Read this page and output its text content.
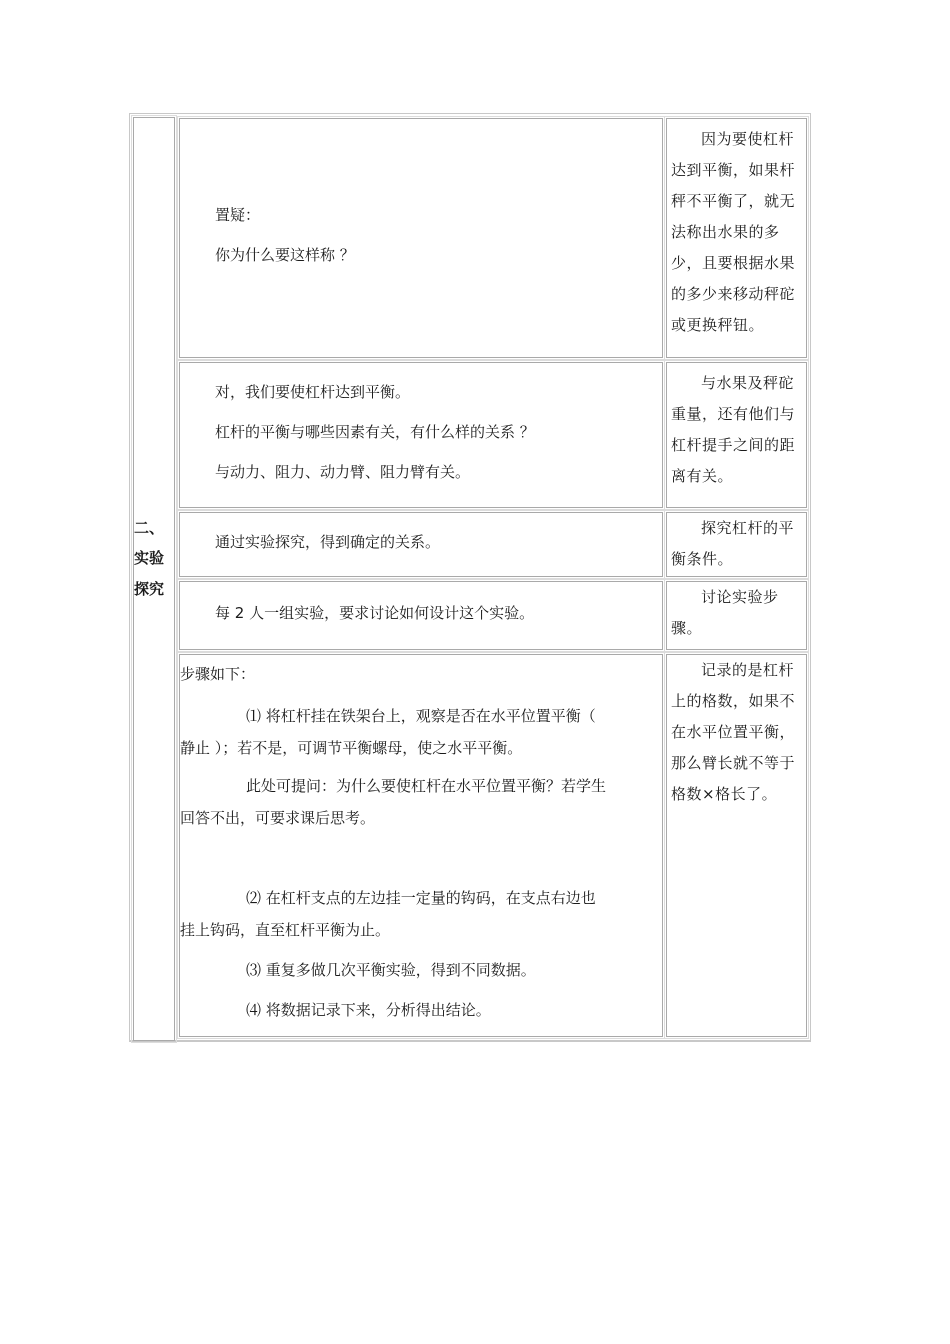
二、
实验
探究

置疑：

你为什么要这样称 ？

因为要使杠杆达到平衡，如果杆秤不平衡了，就无法称出水果的多少，且要根据水果的多少来移动秤砣或更换秤钮。

对，我们要使杠杆达到平衡。

杠杆的平衡与哪些因素有关，有什么样的关系 ？

与动力、阻力、动力臂、阻力臂有关。

与水果及秤砣重量，还有他们与杠杆提手之间的距离有关。

通过实验探究，得到确定的关系。

探究杠杆的平衡条件。

每 2 人一组实验，要求讨论如何设计这个实验。

讨论实验步骤。

步骤如下：

⑴ 将杠杆挂在铁架台上，观察是否在水平位置平衡（

静止 ）；若不是，可调节平衡螺母，使之水平平衡。

此处可提问：为什么要使杠杆在水平位置平衡？若学生

回答不出，可要求课后思考。

⑵ 在杠杆支点的左边挂一定量的钩码，在支点右边也

挂上钩码，直至杠杆平衡为止。

⑶ 重复多做几次平衡实验，得到不同数据。

⑷ 将数据记录下来，分析得出结论。

记录的是杠杆上的格数，如果不在水平位置平衡，那么臂长就不等于格数×格长了。
